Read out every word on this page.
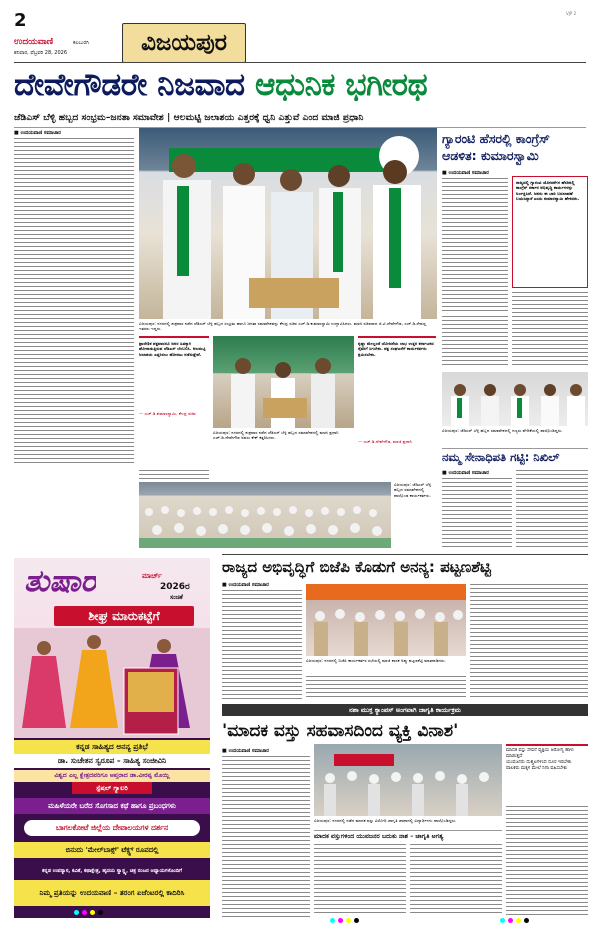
2
ಉದಯವಾಣಿ	ಕಲಬುರಗಿ
ಶನಿವಾರ, ಫೆಬ್ರವರಿ 28, 2026	ವಿಜಯಪುರ
VJP 2
ದೇವೇಗೌಡರೇ ನಿಜವಾದ ಆಧುನಿಕ ಭಗೀರಥ
ಜೆಡಿಎಸ್ ಬೆಳ್ಳಿ ಹಬ್ಬದ ಸಂಭ್ರಮ–ಜನತಾ ಸಮಾವೇಶ | ಆಲಮಟ್ಟಿ ಜಲಾಶಯ ಎತ್ತರಕ್ಕೆ ಧ್ವನಿ ಎತ್ತುವೆ ಎಂದ ಮಾಜಿ ಪ್ರಧಾನಿ
■ ಉದಯವಾಣಿ ಸಮಾಚಾರ
ವಿಜಯಪುರ: ನಗರದಲ್ಲಿ ಶುಕ್ರವಾರ ನಡೆದ ಜೆಡಿಎಸ್ ಬೆಳ್ಳಿ ಹಬ್ಬದ ಸಂಭ್ರಮ ಹಾಗೂ ಜನತಾ ಸಮಾವೇಶವನ್ನು ಕೇಂದ್ರ ಸಚಿವ ಎಚ್.ಡಿ.ಕುಮಾರಸ್ವಾಮಿ ಉದ್ಘಾಟಿಸಿದರು. ಮಾಜಿ ಸಚಿವರಾದ ಜಿ.ಟಿ.ದೇವೇಗೌಡ, ಎಚ್.ಡಿ.ರೇವಣ್ಣ ಇತರರು ಇದ್ದರು.
ಪ್ರಾದೇಶಿಕ ಪಕ್ಷವಾದರೂ ಜನರ ಹಿತಕ್ಕಾಗಿ ಹೋರಾಡುತ್ತಿರುವ ಜೆಡಿಎಸ್ ಬೆಂಬಲಿಸಿ. ಆಲಮಟ್ಟಿ ಜಲಾಶಯ ಎತ್ತರಿಸಲು ಹೋರಾಟ ನಡೆಸುತ್ತೇವೆ.
— ಎಚ್.ಡಿ.ಕುಮಾರಸ್ವಾಮಿ, ಕೇಂದ್ರ ಸಚಿವ
ವಿಜಯಪುರ: ನಗರದಲ್ಲಿ ಶುಕ್ರವಾರ ನಡೆದ ಜೆಡಿಎಸ್ ಬೆಳ್ಳಿ ಹಬ್ಬದ ಸಮಾವೇಶದಲ್ಲಿ ಮಾಜಿ ಪ್ರಧಾನಿ ಎಚ್.ಡಿ.ದೇವೇಗೌಡ ಅವರು ಕೇಕ್ ಕತ್ತರಿಸಿದರು.
ಕೃಷ್ಣಾ ಮೇಲ್ದಂಡೆ ಯೋಜನೆಯ ಲಾಭ ಉತ್ತರ ಕರ್ನಾಟಕದ ರೈತರಿಗೆ ಸಿಗಬೇಕು. ಪಕ್ಷ ಸಂಘಟನೆಗೆ ಕಾರ್ಯಕರ್ತರು ಶ್ರಮಿಸಬೇಕು.
— ಎಚ್.ಡಿ.ದೇವೇಗೌಡ, ಮಾಜಿ ಪ್ರಧಾನಿ
ವಿಜಯಪುರ: ಜೆಡಿಎಸ್ ಬೆಳ್ಳಿ ಹಬ್ಬದ ಸಮಾವೇಶದಲ್ಲಿ ಪಾಲ್ಗೊಂಡ ಕಾರ್ಯಕರ್ತರು.
ಗ್ಯಾರಂಟಿ ಹೆಸರಲ್ಲಿ ಕಾಂಗ್ರೆಸ್
ಆಡಳಿತ: ಕುಮಾರಸ್ವಾಮಿ
■ ಉದಯವಾಣಿ ಸಮಾಚಾರ
ರಾಜ್ಯದಲ್ಲಿ ಗ್ಯಾರಂಟಿ ಯೋಜನೆಗಳ ಹೆಸರಿನಲ್ಲಿ ಕಾಂಗ್ರೆಸ್ ಸರ್ಕಾರ ಅಭಿವೃದ್ಧಿ ಕಾರ್ಯಗಳನ್ನು ನಿರ್ಲಕ್ಷಿಸಿದೆ. ಜನರು ಈ ಬಾರಿ ಬದಲಾವಣೆ ಬಯಸಿದ್ದಾರೆ ಎಂದು ಕುಮಾರಸ್ವಾಮಿ ಹೇಳಿದರು.
ವಿಜಯಪುರ: ಜೆಡಿಎಸ್ ಬೆಳ್ಳಿ ಹಬ್ಬದ ಸಮಾವೇಶದಲ್ಲಿ ಗಣ್ಯರು ವೇದಿಕೆಯಲ್ಲಿ ಪಾಲ್ಗೊಂಡಿದ್ದರು.
ನಮ್ಮ ಸೇನಾಧಿಪತಿ ಗಟ್ಟಿ: ನಿಖಿಲ್
■ ಉದಯವಾಣಿ ಸಮಾಚಾರ
ತುಷಾರ	ಮಾರ್ಚ್
2026ರ
ಸಂಚಿಕೆ
ಶೀಘ್ರ ಮಾರುಕಟ್ಟೆಗೆ
ಕನ್ನಡ ಸಾಹಿತ್ಯದ ಅನನ್ಯ ಪ್ರತಿಭೆ
ಡಾ. ಸುಚೇತನ ಸ್ವರೂಪ – ಸಾಹಿತ್ಯ ಸಂಜೀವಿನಿ
ವಿಶ್ವದ ಎಲ್ಲ ಕ್ಷೇತ್ರದವರಿಗೂ ಆಪ್ತರಾದ ಡಾ.ವೀರಪ್ಪ ಮೊಯ್ಲಿ
ಸ್ಪೆಷಲ್ ಗ್ಯಾಲರಿ
ಮಹಿಳೆಯರೇ ಬರೆದ ಸೊಗಸಾದ ಕಥೆ ಹಾಗೂ ಪ್ರಬಂಧಗಳು
ಬಾಗಲಕೋಟೆ ಜಿಲ್ಲೆಯ ದೇವಾಲಯಗಳ ದರ್ಶನ
ಬಿನುದು 'ಮೇಲ್‌ಬಾಕ್ಸ್' ಟೆಕ್ಸ್ಟ್ ರೂಪದಲ್ಲಿ
ಕನ್ನಡ ಉಪನ್ಯಾಸ, ಕವಿತೆ, ಕಥಾಕ್ಷೇತ್ರ, ಹೃದಯ ಸ್ವಾಸ್ಥ್ಯ, ಚಿತ್ರ ರಂಜನ ಅಧ್ಯಾಯಗಳೊಂದಿಗೆ
ನಿಮ್ಮ ಪ್ರತಿಯನ್ನು ಉದಯವಾಣಿ – ತರಂಗ ಏಜೆಂಟರಲ್ಲಿ ಕಾದಿರಿಸಿ
ರಾಜ್ಯದ ಅಭಿವೃದ್ಧಿಗೆ ಬಿಜೆಪಿ ಕೊಡುಗೆ ಅನನ್ಯ: ಪಟ್ಟಣಶೆಟ್ಟಿ
■ ಉದಯವಾಣಿ ಸಮಾಚಾರ
ವಿಜಯಪುರ: ನಗರದಲ್ಲಿ ಬಿಜೆಪಿ ಕಾರ್ಯಕರ್ತರ ಸಭೆಯಲ್ಲಿ ಮಾಜಿ ಶಾಸಕ ಅಪ್ಪು ಪಟ್ಟಣಶೆಟ್ಟಿ ಮಾತನಾಡಿದರು.
ನಶಾ ಮುಕ್ತ ಕ್ಯಾಂಪಸ್ ಅಂಗವಾಗಿ ಜಾಗೃತಿ ಕಾರ್ಯಕ್ರಮ
'ಮಾದಕ ವಸ್ತು ಸಹವಾಸದಿಂದ ವ್ಯಕ್ತಿ ವಿನಾಶ'
■ ಉದಯವಾಣಿ ಸಮಾಚಾರ
ವಿಜಯಪುರ: ನಗರದಲ್ಲಿ ನಡೆದ ಮಾದಕ ವಸ್ತು ವಿರೋಧಿ ಜಾಗೃತಿ ಜಾಥಾದಲ್ಲಿ ವಿದ್ಯಾರ್ಥಿಗಳು ಪಾಲ್ಗೊಂಡಿದ್ದರು.
ಮಾದಕ ವಸ್ತುಗಳಿಂದ ಯುವಜನರ ಬದುಕು ನಾಶ – ಜಾಗೃತಿ ಅಗತ್ಯ
ಮಾದಕ ವಸ್ತು ಸೇವನೆ ವ್ಯಕ್ತಿಯ ಆರೋಗ್ಯ ಹಾಳು ಮಾಡುತ್ತದೆ
ಯುವಜನರು ದುಶ್ಚಟಗಳಿಂದ ದೂರ ಇರಬೇಕು
ಪಾಲಕರು ಮಕ್ಕಳ ಮೇಲೆ ನಿಗಾ ವಹಿಸಬೇಕು
